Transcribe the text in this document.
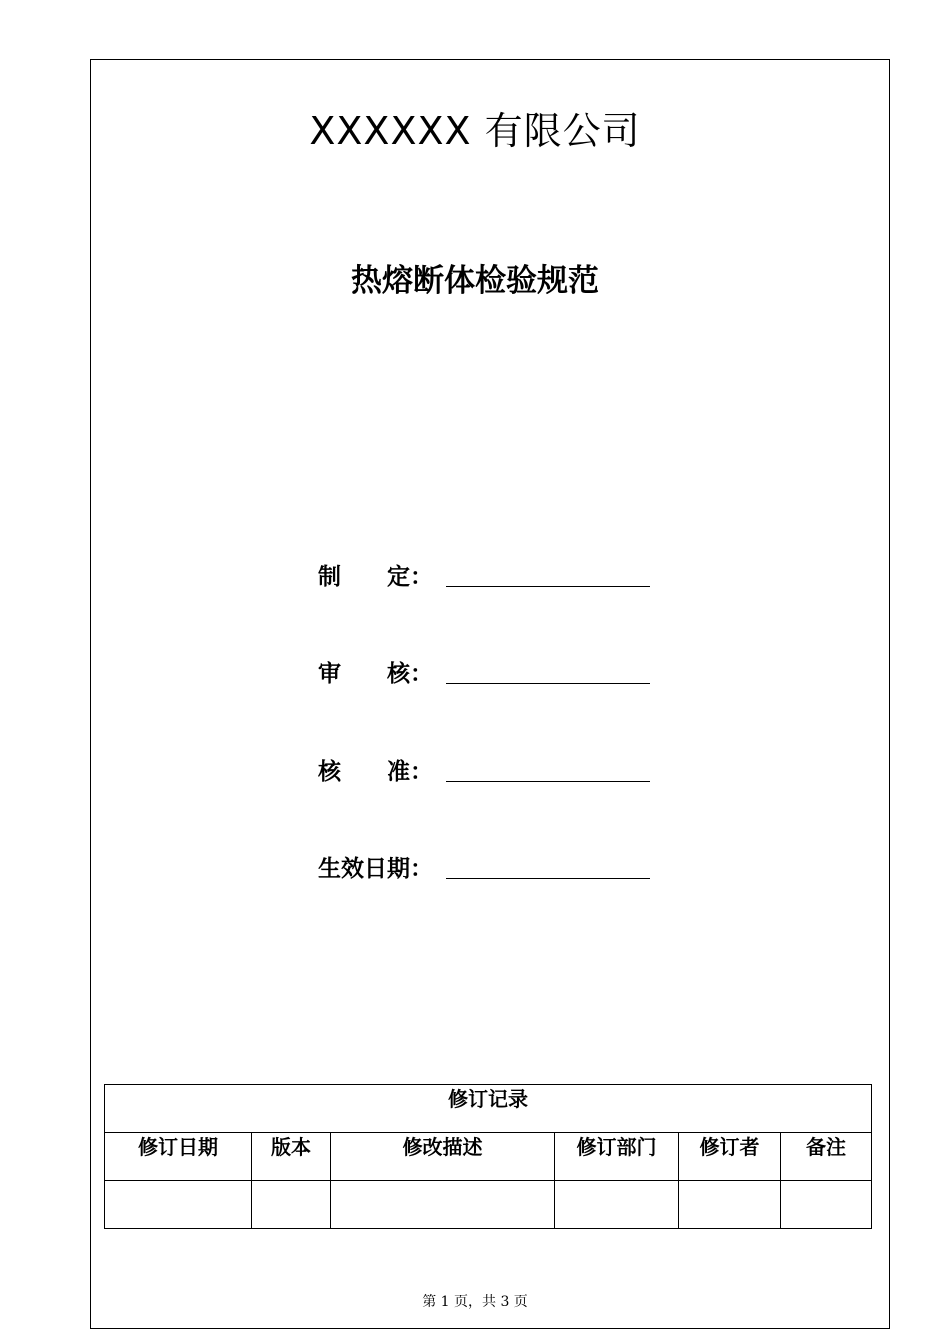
XXXXXX 有限公司
热熔断体检验规范
制　　定：
审　　核：
核　　准：
生效日期：
修订记录					
修订日期	版本	修改描述	修订部门	修订者	备注

第 1 页，共 3 页
